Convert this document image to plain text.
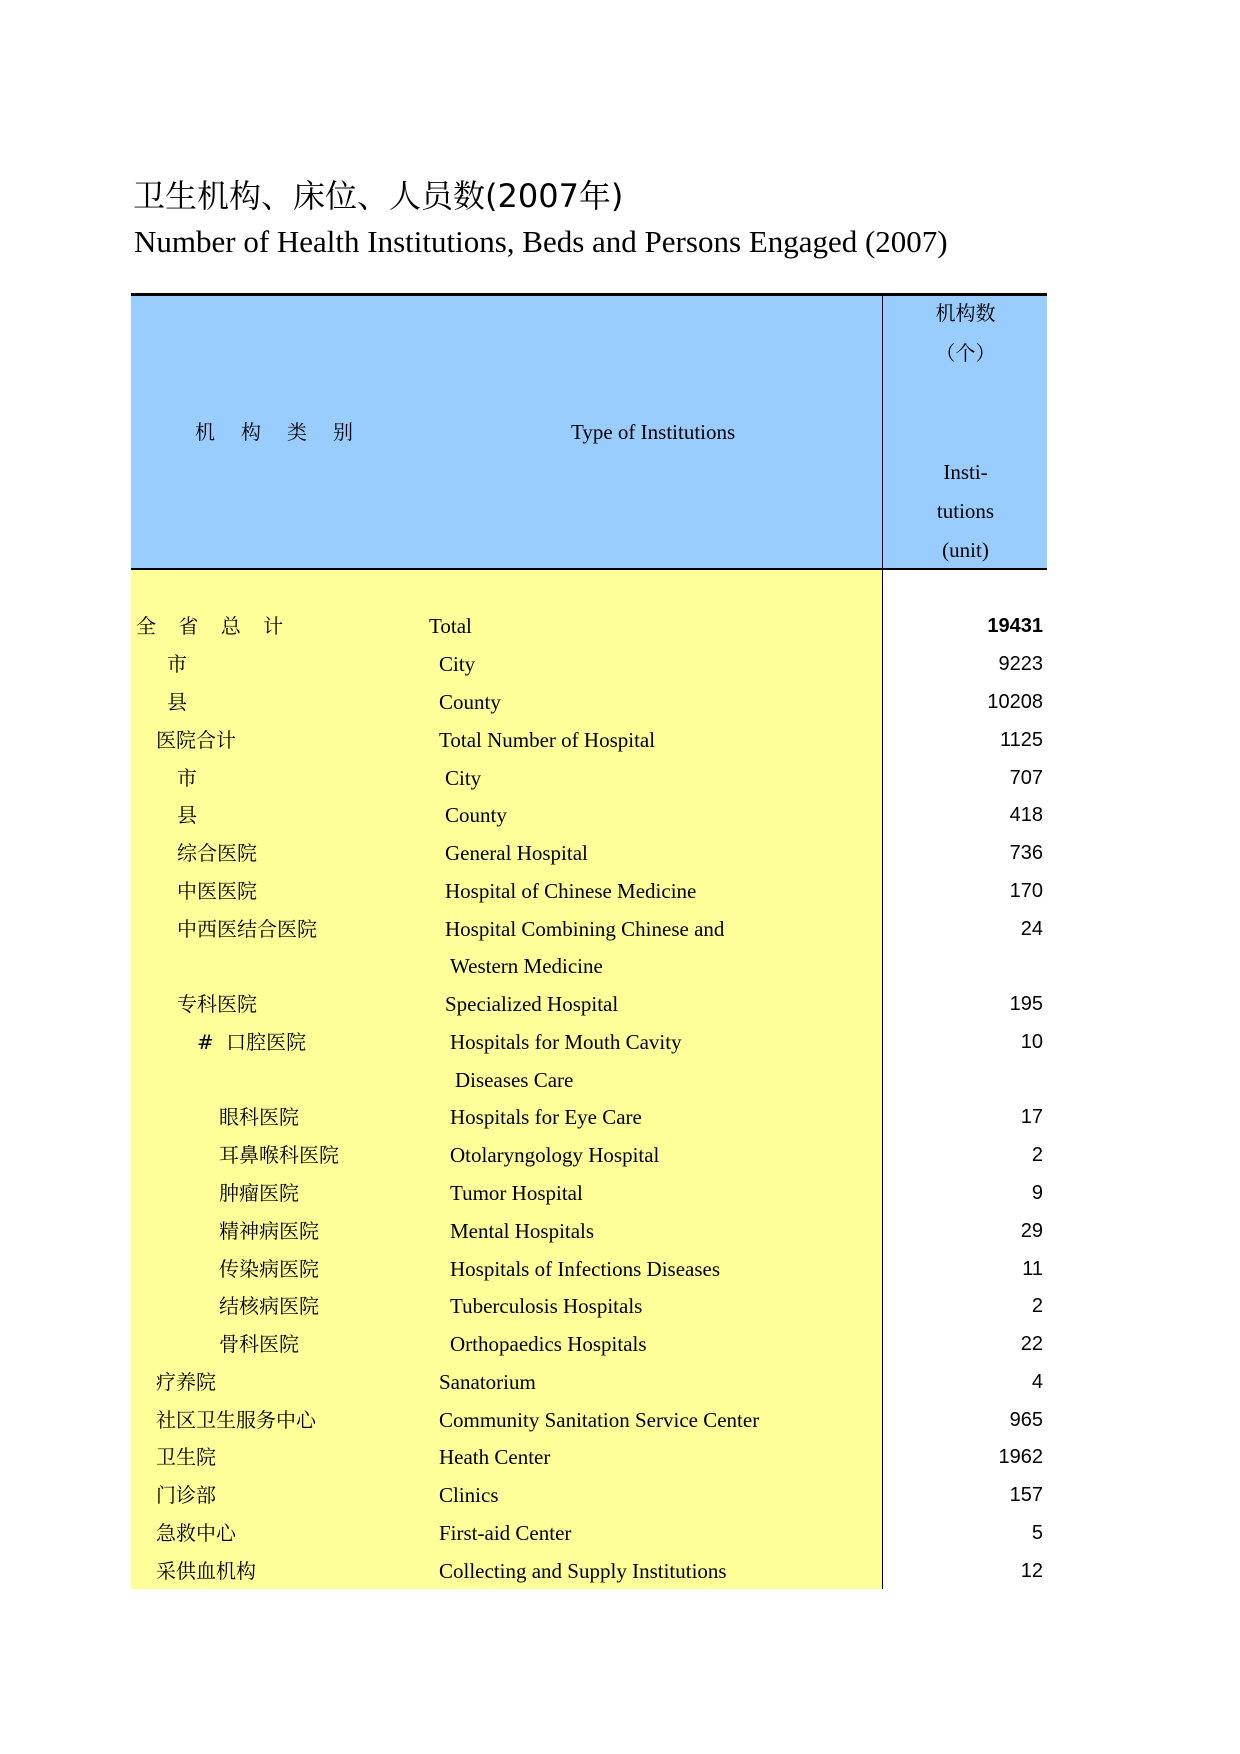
卫生机构、床位、人员数(2007年)
Number of Health Institutions, Beds and Persons Engaged (2007)
机构类别	Type of Institutions
机构数
（个）
Insti-
tutions
(unit)
全 省 总 计	Total	19431
市	City	9223
县	County	10208
医院合计	Total Number of Hospital	1125
市	City	707
县	County	418
综合医院	General Hospital	736
中医医院	Hospital of Chinese Medicine	170
中西医结合医院	Hospital Combining Chinese and	24
Western Medicine
专科医院	Specialized Hospital	195
# 口腔医院	Hospitals for Mouth Cavity	10
Diseases Care
眼科医院	Hospitals for Eye Care	17
耳鼻喉科医院	Otolaryngology Hospital	2
肿瘤医院	Tumor Hospital	9
精神病医院	Mental Hospitals	29
传染病医院	Hospitals of Infections Diseases	11
结核病医院	Tuberculosis Hospitals	2
骨科医院	Orthopaedics Hospitals	22
疗养院	Sanatorium	4
社区卫生服务中心	Community Sanitation Service Center	965
卫生院	Heath Center	1962
门诊部	Clinics	157
急救中心	First-aid Center	5
采供血机构	Collecting and Supply Institutions	12
